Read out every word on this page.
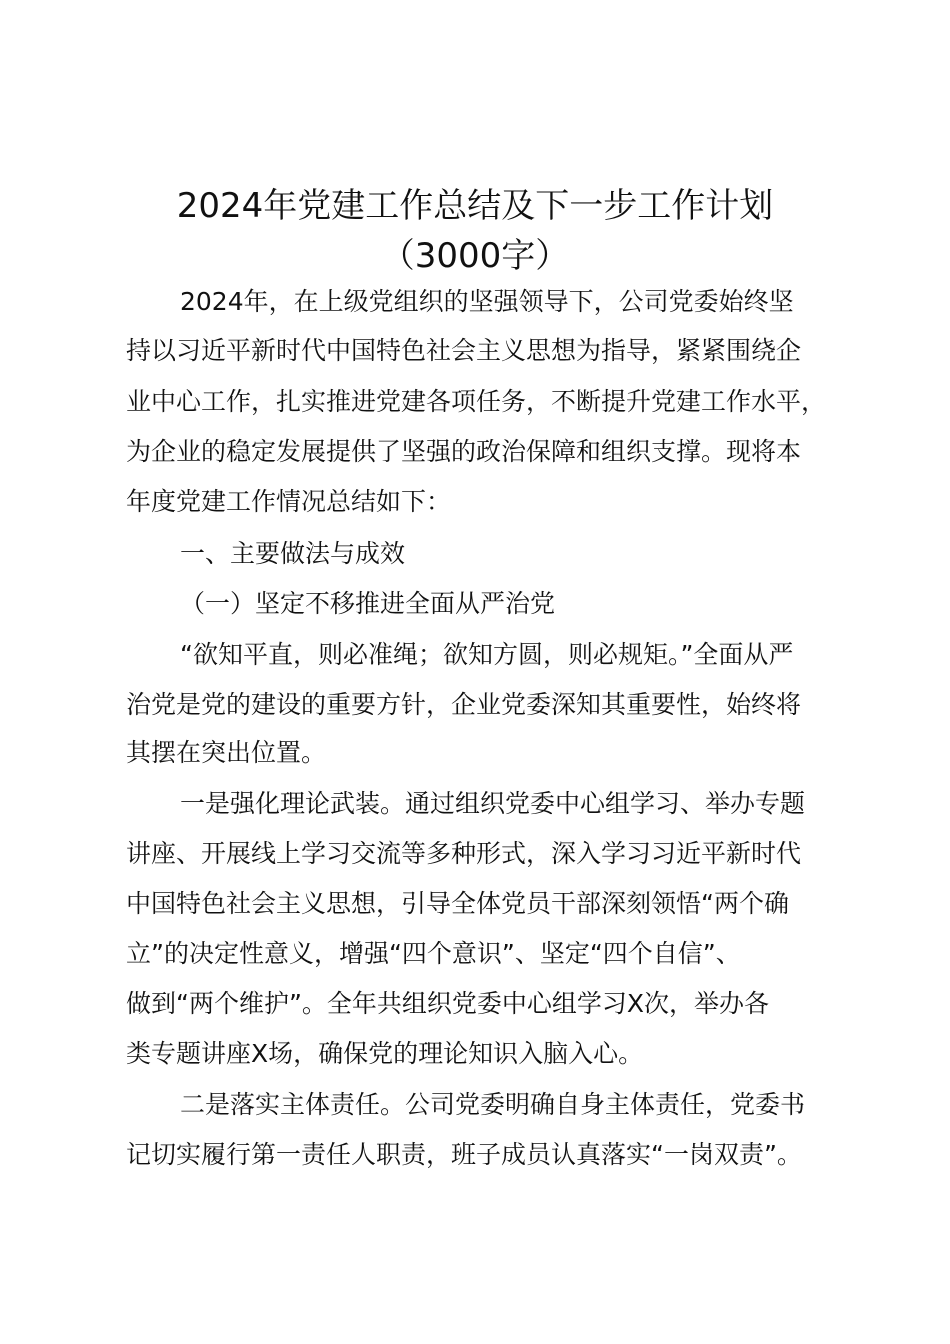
2024年党建工作总结及下一步工作计划
（3000字）
2024年，在上级党组织的坚强领导下，公司党委始终坚
持以习近平新时代中国特色社会主义思想为指导，紧紧围绕企
业中心工作，扎实推进党建各项任务，不断提升党建工作水平，
为企业的稳定发展提供了坚强的政治保障和组织支撑。现将本
年度党建工作情况总结如下：
一、主要做法与成效
（一）坚定不移推进全面从严治党
“欲知平直，则必准绳；欲知方圆，则必规矩。”全面从严
治党是党的建设的重要方针，企业党委深知其重要性，始终将
其摆在突出位置。
一是强化理论武装。通过组织党委中心组学习、举办专题
讲座、开展线上学习交流等多种形式，深入学习习近平新时代
中国特色社会主义思想，引导全体党员干部深刻领悟“两个确
立”的决定性意义，增强“四个意识”、坚定“四个自信”、
做到“两个维护”。全年共组织党委中心组学习X次，举办各
类专题讲座X场，确保党的理论知识入脑入心。
二是落实主体责任。公司党委明确自身主体责任，党委书
记切实履行第一责任人职责，班子成员认真落实“一岗双责”。
